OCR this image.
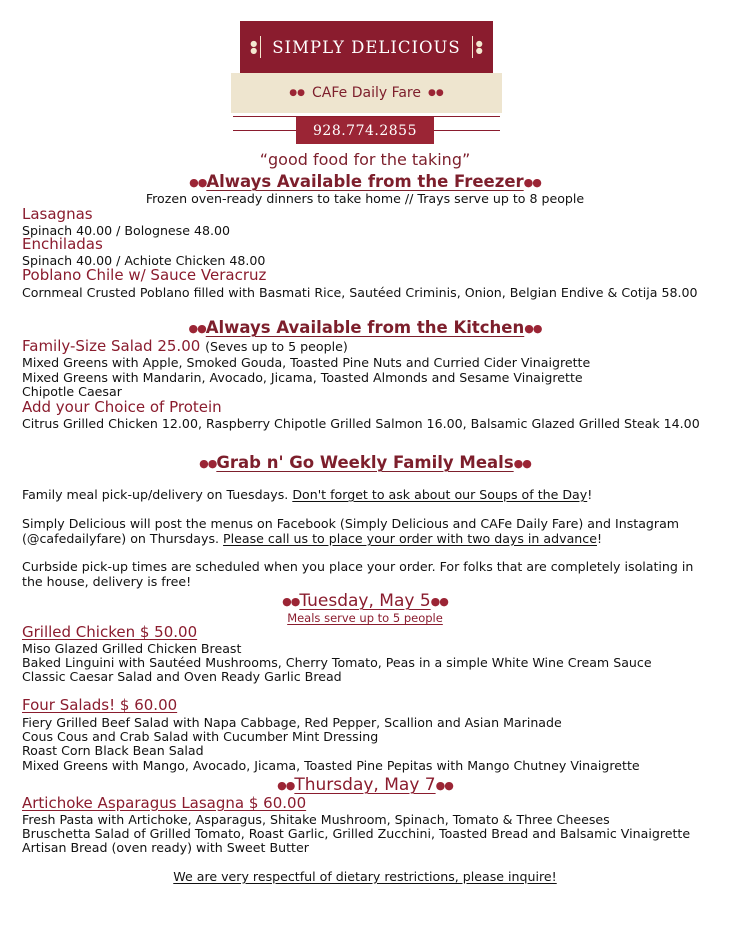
●
● SIMPLY DELICIOUS ●
●
●● CAFe Daily Fare ●●
928.774.2855
“good food for the taking”
●●Always Available from the Freezer●●
Frozen oven-ready dinners to take home // Trays serve up to 8 people
Lasagnas
Spinach 40.00 / Bolognese 48.00
Enchiladas
Spinach 40.00 / Achiote Chicken 48.00
Poblano Chile w/ Sauce Veracruz
Cornmeal Crusted Poblano filled with Basmati Rice, Sautéed Criminis, Onion, Belgian Endive & Cotija 58.00
●●Always Available from the Kitchen●●
Family-Size Salad 25.00 (Seves up to 5 people)
Mixed Greens with Apple, Smoked Gouda, Toasted Pine Nuts and Curried Cider Vinaigrette
Mixed Greens with Mandarin, Avocado, Jicama, Toasted Almonds and Sesame Vinaigrette
Chipotle Caesar
Add your Choice of Protein
Citrus Grilled Chicken 12.00, Raspberry Chipotle Grilled Salmon 16.00, Balsamic Glazed Grilled Steak 14.00
●●Grab n' Go Weekly Family Meals●●
Family meal pick-up/delivery on Tuesdays. Don't forget to ask about our Soups of the Day!
Simply Delicious will post the menus on Facebook (Simply Delicious and CAFe Daily Fare) and Instagram (@cafedailyfare) on Thursdays. Please call us to place your order with two days in advance!
Curbside pick-up times are scheduled when you place your order. For folks that are completely isolating in the house, delivery is free!
●●Tuesday, May 5●●
Meals serve up to 5 people
Grilled Chicken $ 50.00
Miso Glazed Grilled Chicken Breast
Baked Linguini with Sautéed Mushrooms, Cherry Tomato, Peas in a simple White Wine Cream Sauce
Classic Caesar Salad and Oven Ready Garlic Bread
Four Salads! $ 60.00
Fiery Grilled Beef Salad with Napa Cabbage, Red Pepper, Scallion and Asian Marinade
Cous Cous and Crab Salad with Cucumber Mint Dressing
Roast Corn Black Bean Salad
Mixed Greens with Mango, Avocado, Jicama, Toasted Pine Pepitas with Mango Chutney Vinaigrette
●●Thursday, May 7●●
Artichoke Asparagus Lasagna $ 60.00
Fresh Pasta with Artichoke, Asparagus, Shitake Mushroom, Spinach, Tomato & Three Cheeses
Bruschetta Salad of Grilled Tomato, Roast Garlic, Grilled Zucchini, Toasted Bread and Balsamic Vinaigrette
Artisan Bread (oven ready) with Sweet Butter
We are very respectful of dietary restrictions, please inquire!
